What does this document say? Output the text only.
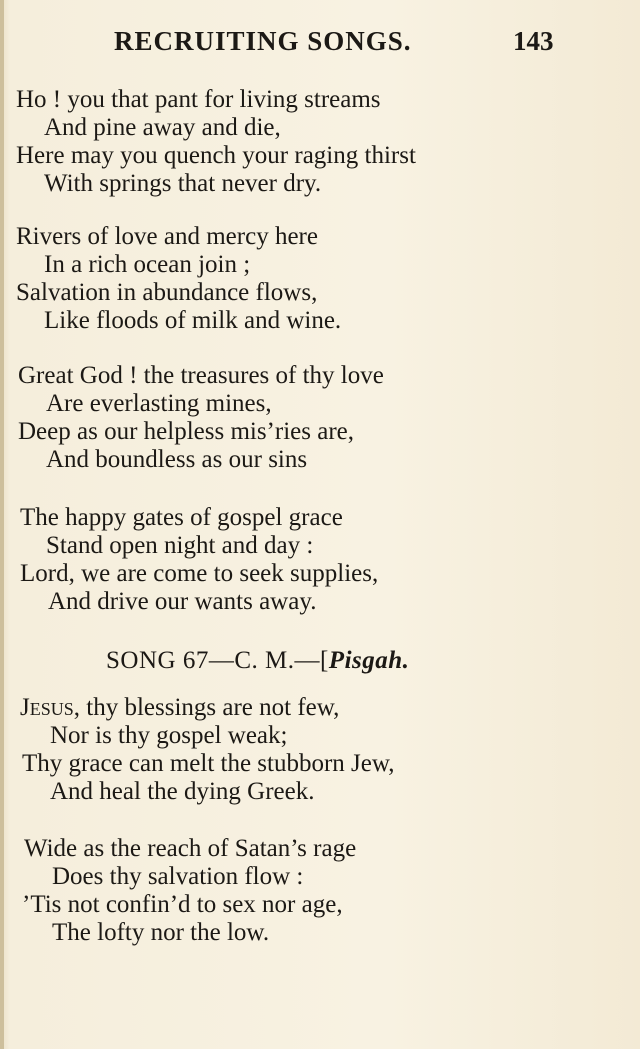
RECRUITING SONGS.	143
Ho ! you that pant for living streams
And pine away and die,
Here may you quench your raging thirst
With springs that never dry.
Rivers of love and mercy here
In a rich ocean join ;
Salvation in abundance flows,
Like floods of milk and wine.
Great God ! the treasures of thy love
Are everlasting mines,
Deep as our helpless mis’ries are,
And boundless as our sins
The happy gates of gospel grace
Stand open night and day :
Lord, we are come to seek supplies,
And drive our wants away.
SONG 67—C. M.—[Pisgah.
Jesus, thy blessings are not few,
Nor is thy gospel weak;
Thy grace can melt the stubborn Jew,
And heal the dying Greek.
Wide as the reach of Satan’s rage
Does thy salvation flow :
’Tis not confin’d to sex nor age,
The lofty nor the low.
